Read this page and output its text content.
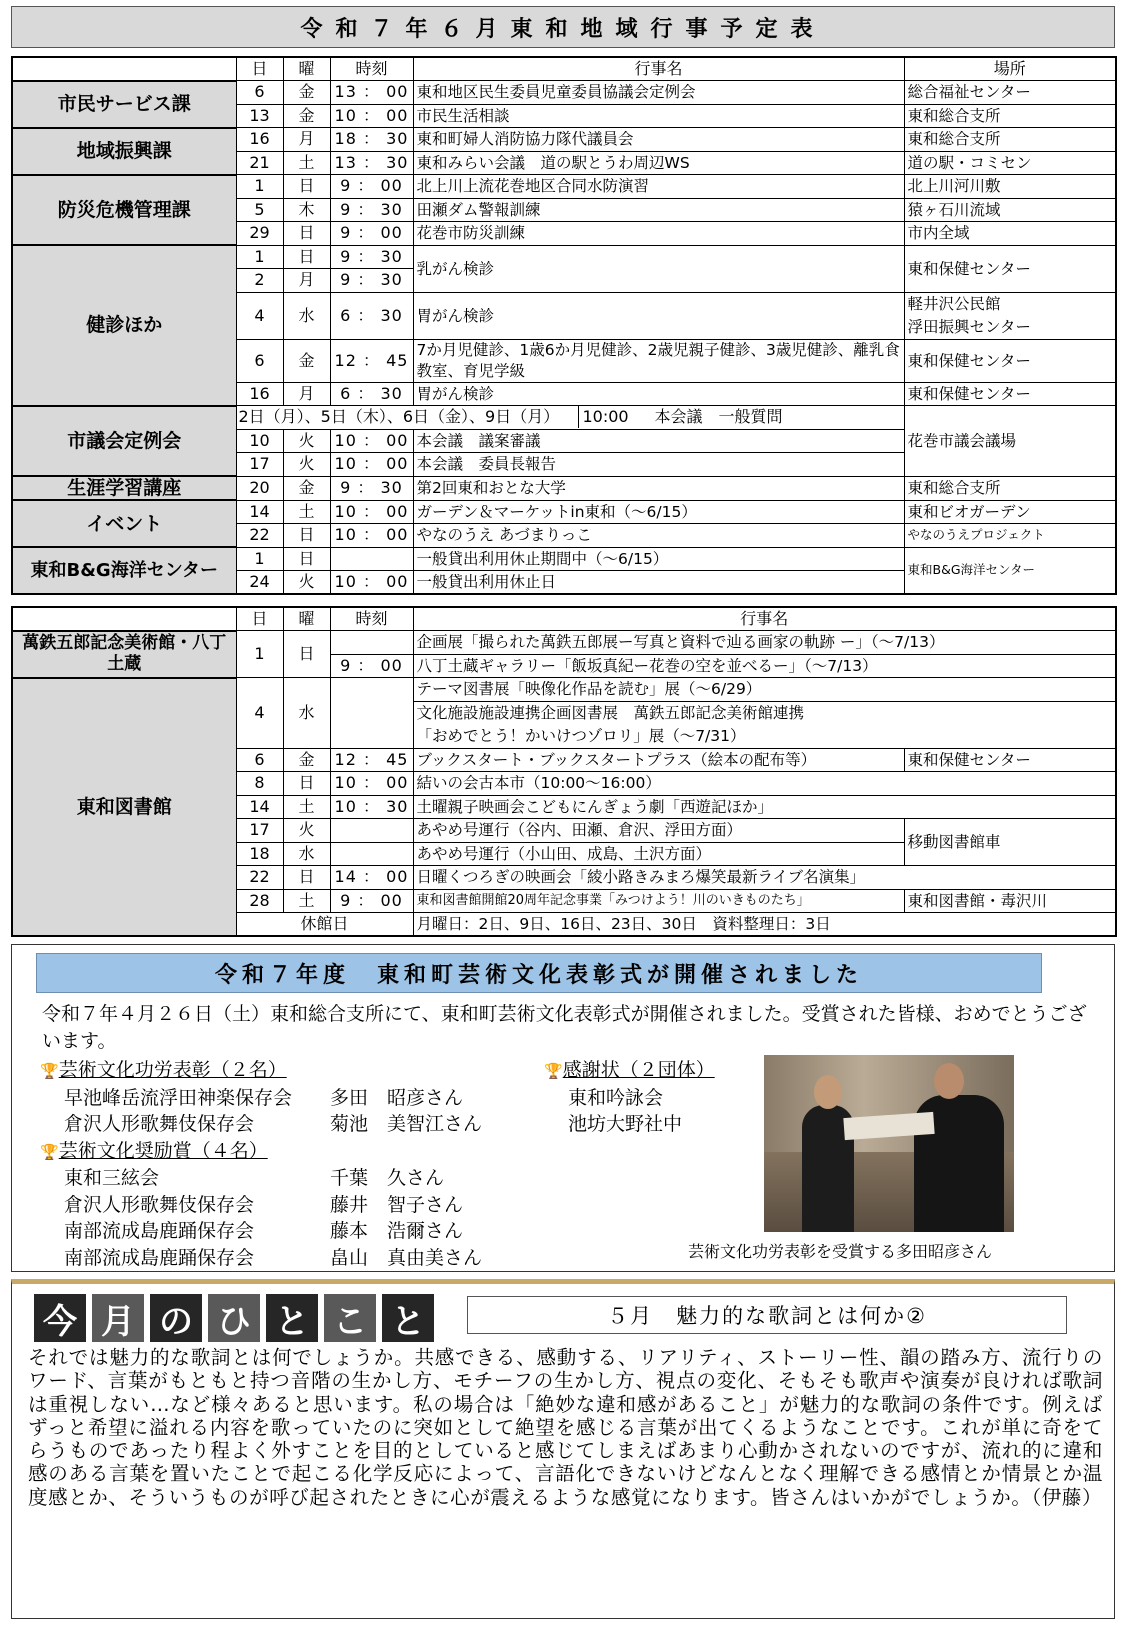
令和７年６月東和地域行事予定表
	日	曜	時刻	行事名	場所
市民サービス課	6	金	13 ： 00	東和地区民生委員児童委員協議会定例会	総合福祉センター
	13	金	10 ： 00	市民生活相談	東和総合支所
地域振興課	16	月	18 ： 30	東和町婦人消防協力隊代議員会	東和総合支所
	21	土	13 ： 30	東和みらい会議　道の駅とうわ周辺WS	道の駅・コミセン
防災危機管理課	1	日	9 ： 00	北上川上流花巻地区合同水防演習	北上川河川敷
	5	木	9 ： 30	田瀬ダム警報訓練	猿ヶ石川流域
	29	日	9 ： 00	花巻市防災訓練	市内全域
健診ほか	1	日	9 ： 30	乳がん検診	東和保健センター
	2	月	9 ： 30		
	4	水	6 ： 30	胃がん検診	軽井沢公民館
					浮田振興センター
	6	金	12 ： 45	7か月児健診、1歳6か月児健診、2歳児親子健診、3歳児健診、離乳食教室、育児学級	東和保健センター

	16	月	6 ： 30	胃がん検診	東和保健センター
市議会定例会	2日（月）、5日（木）、6日（金）、9日（月） 10:00 本会議　一般質問				花巻市議会議場
	10	火	10 ： 00	本会議　議案審議	
	17	火	10 ： 00	本会議　委員長報告	
生涯学習講座	20	金	9 ： 30	第2回東和おとな大学	東和総合支所
イベント	14	土	10 ： 00	ガーデン＆マーケットin東和（～6/15）	東和ビオガーデン
	22	日	10 ： 00	やなのうえ あづまりっこ	やなのうえプロジェクト
東和B&G海洋センター	1	日		一般貸出利用休止期間中（～6/15）	東和B&G海洋センター
	24	火	10 ： 00	一般貸出利用休止日	
	日	曜	時刻	行事名	
萬鉄五郎記念美術館・八丁土蔵	1	日		企画展「撮られた萬鉄五郎展ー写真と資料で辿る画家の軌跡 ー」（～7/13）	
			9 ： 00	八丁土蔵ギャラリー「飯坂真紀ー花巻の空を並べるー」（～7/13）	
東和図書館	4	水		テーマ図書展「映像化作品を読む」展（～6/29）	
				文化施設施設連携企画図書展　萬鉄五郎記念美術館連携	
				「おめでとう！かいけつゾロリ」展（～7/31）	
	6	金	12 ： 45	ブックスタート・ブックスタートプラス（絵本の配布等）	東和保健センター
	8	日	10 ： 00	結いの会古本市（10:00～16:00）	
	14	土	10 ： 30	土曜親子映画会こどもにんぎょう劇「西遊記ほか」	
	17	火		あやめ号運行（谷内、田瀬、倉沢、浮田方面）	移動図書館車
	18	水		あやめ号運行（小山田、成島、土沢方面）	
	22	日	14 ： 00	日曜くつろぎの映画会「綾小路きみまろ爆笑最新ライブ名演集」	
	28	土	9 ： 00	東和図書館開館20周年記念事業「みつけよう！川のいきものたち」	東和図書館・毒沢川
	休館日			月曜日：2日、9日、16日、23日、30日　資料整理日：3日	
令和７年度　東和町芸術文化表彰式が開催されました
令和７年４月２６日（土）東和総合支所にて、東和町芸術文化表彰式が開催されました。受賞された皆様、おめでとうございます。
🏆芸術文化功労表彰（２名）
早池峰岳流浮田神楽保存会	多田　昭彦さん
倉沢人形歌舞伎保存会	菊池　美智江さん
🏆芸術文化奨励賞（４名）
東和三絃会	千葉　久さん
倉沢人形歌舞伎保存会	藤井　智子さん
南部流成島鹿踊保存会	藤本　浩爾さん
南部流成島鹿踊保存会	畠山　真由美さん
🏆感謝状（２団体）
東和吟詠会
池坊大野社中
芸術文化功労表彰を受賞する多田昭彦さん
今 月 の ひ と こ と	５月　魅力的な歌詞とは何か②
それでは魅力的な歌詞とは何でしょうか。共感できる、感動する、リアリティ、ストーリー性、韻の踏み方、流行りのワード、言葉がもともと持つ音階の生かし方、モチーフの生かし方、視点の変化、そもそも歌声や演奏が良ければ歌詞は重視しない…など様々あると思います。私の場合は「絶妙な違和感があること」が魅力的な歌詞の条件です。例えばずっと希望に溢れる内容を歌っていたのに突如として絶望を感じる言葉が出てくるようなことです。これが単に奇をてらうものであったり程よく外すことを目的としていると感じてしまえばあまり心動かされないのですが、流れ的に違和感のある言葉を置いたことで起こる化学反応によって、言語化できないけどなんとなく理解できる感情とか情景とか温度感とか、そういうものが呼び起されたときに心が震えるような感覚になります。皆さんはいかがでしょうか。（伊藤）
